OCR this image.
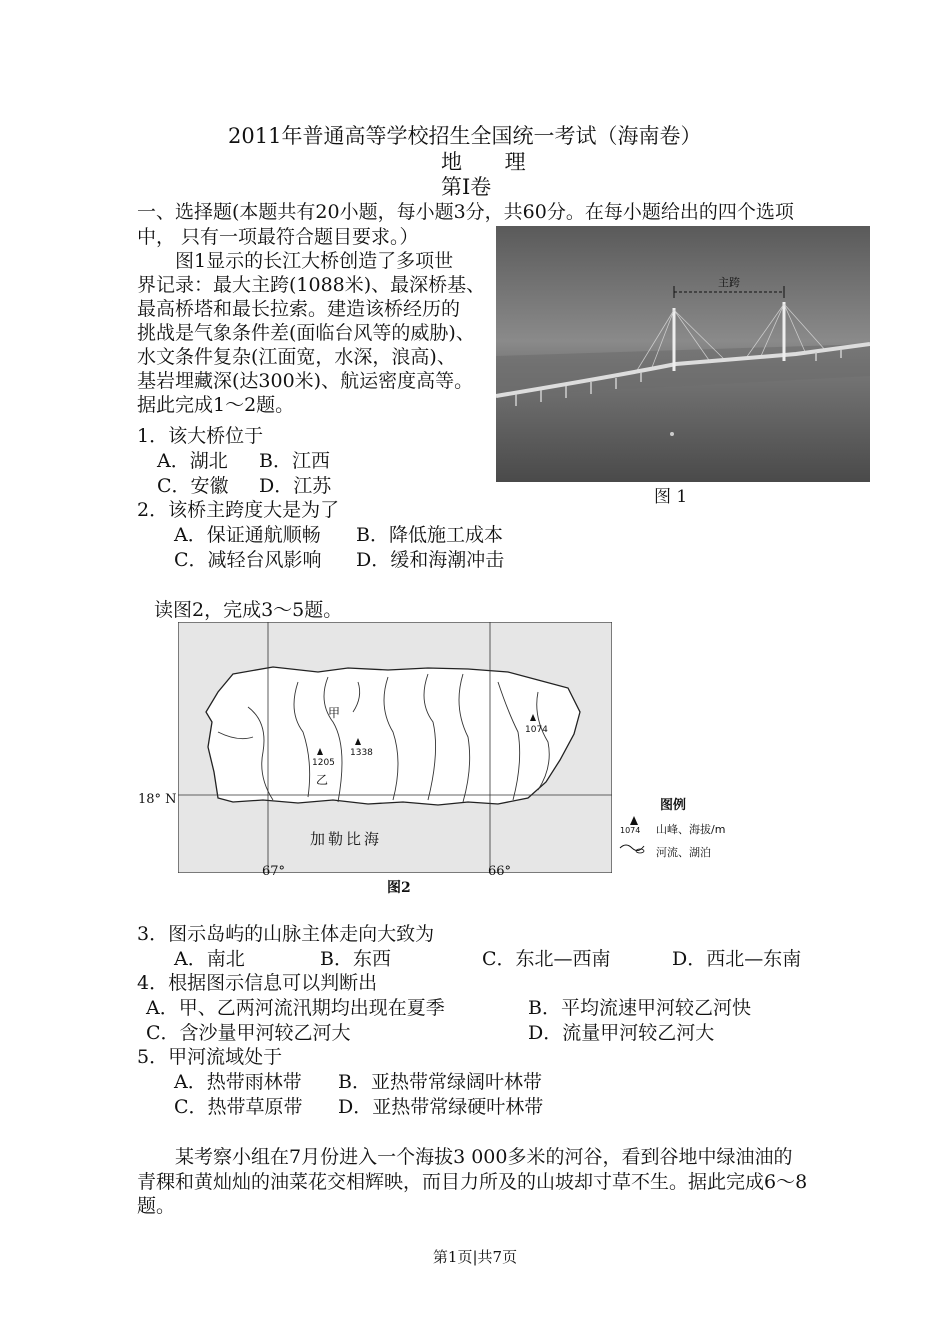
2011年普通高等学校招生全国统一考试（海南卷）
地 理
第Ⅰ卷
一、选择题(本题共有20小题，每小题3分，共60分。在每小题给出的四个选项
中， 只有一项最符合题目要求。）
图1显示的长江大桥创造了多项世
界记录：最大主跨(1088米)、最深桥基、
最高桥塔和最长拉索。建造该桥经历的
挑战是气象条件差(面临台风等的威胁)、
水文条件复杂(江面宽，水深，浪高)、
基岩埋藏深(达300米)、航运密度高等。
据此完成1～2题。
主跨
图 1
1．该大桥位于
A．湖北 B．江西
C．安徽 D．江苏
2．该桥主跨度大是为了
A．保证通航顺畅 B．降低施工成本
C．减轻台风影响 D．缓和海潮冲击
读图2，完成3～5题。
1338
1205
1074
甲
乙
加勒比海
18° N
67°	66°
图2
图例
1074 山峰、海拔/m
河流、湖泊
3．图示岛屿的山脉主体走向大致为
A．南北	B．东西	C．东北—西南	D．西北—东南
4．根据图示信息可以判断出
A．甲、乙两河流汛期均出现在夏季	B．平均流速甲河较乙河快
C．含沙量甲河较乙河大	D．流量甲河较乙河大
5．甲河流域处于
A．热带雨林带 B．亚热带常绿阔叶林带
C．热带草原带 D．亚热带常绿硬叶林带
某考察小组在7月份进入一个海拔3 000多米的河谷，看到谷地中绿油油的
青稞和黄灿灿的油菜花交相辉映，而目力所及的山坡却寸草不生。据此完成6～8
题。
第1页|共7页
